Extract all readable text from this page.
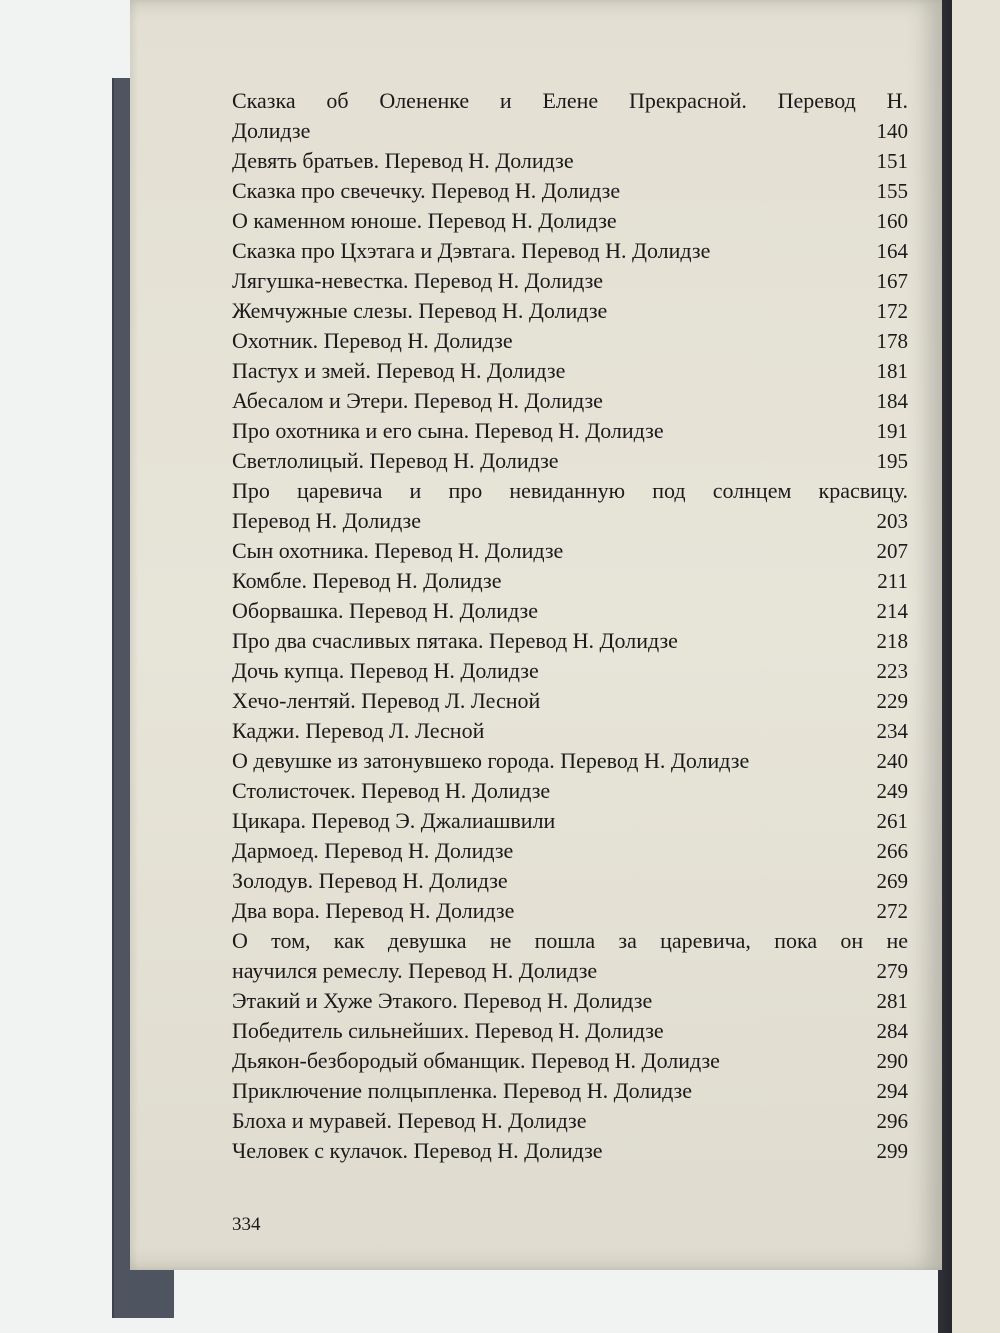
Сказка об Олененке и Елене Прекрасной. Перевод Н.
Долидзе	140
Девять братьев. Перевод Н. Долидзе	151
Сказка про свечечку. Перевод Н. Долидзе	155
О каменном юноше. Перевод Н. Долидзе	160
Сказка про Цхэтага и Дэвтага. Перевод Н. Долидзе	164
Лягушка-невестка. Перевод Н. Долидзе	167
Жемчужные слезы. Перевод Н. Долидзе	172
Охотник. Перевод Н. Долидзе	178
Пастух и змей. Перевод Н. Долидзе	181
Абесалом и Этери. Перевод Н. Долидзе	184
Про охотника и его сына. Перевод Н. Долидзе	191
Светлолицый. Перевод Н. Долидзе	195
Про царевича и про невиданную под солнцем красвицу.
Перевод Н. Долидзе	203
Сын охотника. Перевод Н. Долидзе	207
Комбле. Перевод Н. Долидзе	211
Оборвашка. Перевод Н. Долидзе	214
Про два счасливых пятака. Перевод Н. Долидзе	218
Дочь купца. Перевод Н. Долидзе	223
Хечо-лентяй. Перевод Л. Лесной	229
Каджи. Перевод Л. Лесной	234
О девушке из затонувшеко города. Перевод Н. Долидзе	240
Столисточек. Перевод Н. Долидзе	249
Цикара. Перевод Э. Джалиашвили	261
Дармоед. Перевод Н. Долидзе	266
Золодув. Перевод Н. Долидзе	269
Два вора. Перевод Н. Долидзе	272
О том, как девушка не пошла за царевича, пока он не
научился ремеслу. Перевод Н. Долидзе	279
Этакий и Хуже Этакого. Перевод Н. Долидзе	281
Победитель сильнейших. Перевод Н. Долидзе	284
Дьякон-безбородый обманщик. Перевод Н. Долидзе	290
Приключение полцыпленка. Перевод Н. Долидзе	294
Блоха и муравей. Перевод Н. Долидзе	296
Человек с кулачок. Перевод Н. Долидзе	299
334
